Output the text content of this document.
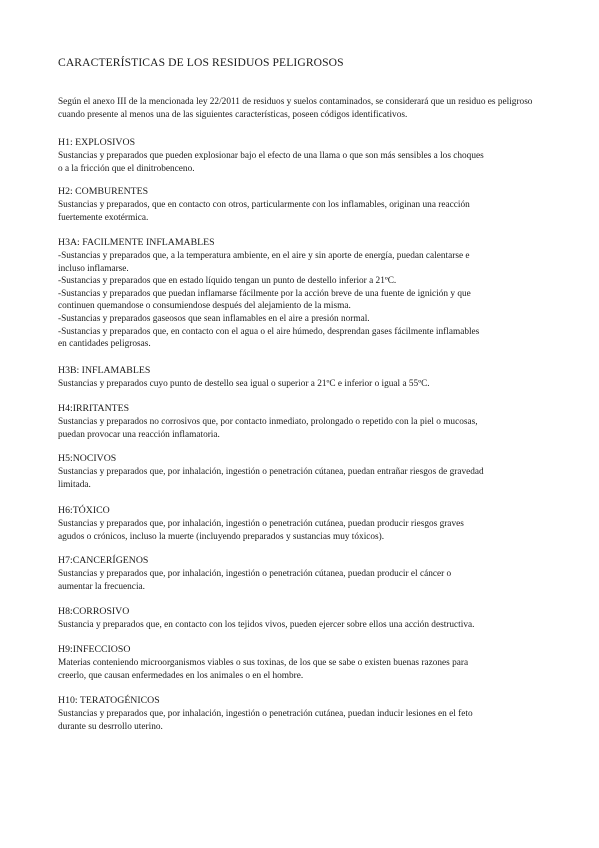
CARACTERÍSTICAS DE LOS RESIDUOS PELIGROSOS
Según el anexo III de la mencionada ley 22/2011 de residuos y suelos contaminados, se considerará que un residuo es peligroso cuando presente al menos una de las siguientes características, poseen códigos identificativos.
H1: EXPLOSIVOS
Sustancias y preparados que pueden explosionar bajo el efecto de una llama o que son más sensibles a los choques
o a la fricción que el dinitrobenceno.
H2: COMBURENTES
Sustancias y preparados, que en contacto con otros, particularmente con los inflamables, originan una reacción
fuertemente exotérmica.
H3A: FACILMENTE INFLAMABLES
-Sustancias y preparados que, a la temperatura ambiente, en el aire y sin aporte de energía, puedan calentarse e
incluso inflamarse.
-Sustancias y preparados que en estado líquido tengan un punto de destello inferior a 21ºC.
-Sustancias y preparados que puedan inflamarse fácilmente por la acción breve de una fuente de ignición y que
continuen quemandose o consumiendose después del alejamiento de la misma.
-Sustancias y preparados gaseosos que sean inflamables en el aire a presión normal.
-Sustancias y preparados que, en contacto con el agua o el aire húmedo, desprendan gases fácilmente inflamables
en cantidades peligrosas.
H3B: INFLAMABLES
Sustancias y preparados cuyo punto de destello sea igual o superior a 21ºC e inferior o igual a 55ºC.
H4:IRRITANTES
Sustancias y preparados no corrosivos que, por contacto inmediato, prolongado o repetido con la piel o mucosas,
puedan provocar una reacción inflamatoria.
H5:NOCIVOS
Sustancias y preparados que, por inhalación, ingestión o penetración cútanea, puedan entrañar riesgos de gravedad
limitada.
H6:TÓXICO
Sustancias y preparados que, por inhalación, ingestión o penetración cutánea, puedan producir riesgos graves
agudos o crónicos, incluso la muerte (incluyendo preparados y sustancias muy tóxicos).
H7:CANCERÍGENOS
Sustancias y preparados que, por inhalación, ingestión o penetración cútanea, puedan producir el cáncer o
aumentar la frecuencia.
H8:CORROSIVO
Sustancia y preparados que, en contacto con los tejidos vivos, pueden ejercer sobre ellos una acción destructiva.
H9:INFECCIOSO
Materias conteniendo microorganismos viables o sus toxinas, de los que se sabe o existen buenas razones para
creerlo, que causan enfermedades en los animales o en el hombre.
H10: TERATOGÉNICOS
Sustancias y preparados que, por inhalación, ingestión o penetración cutánea, puedan inducir lesiones en el feto
durante su desrrollo uterino.
